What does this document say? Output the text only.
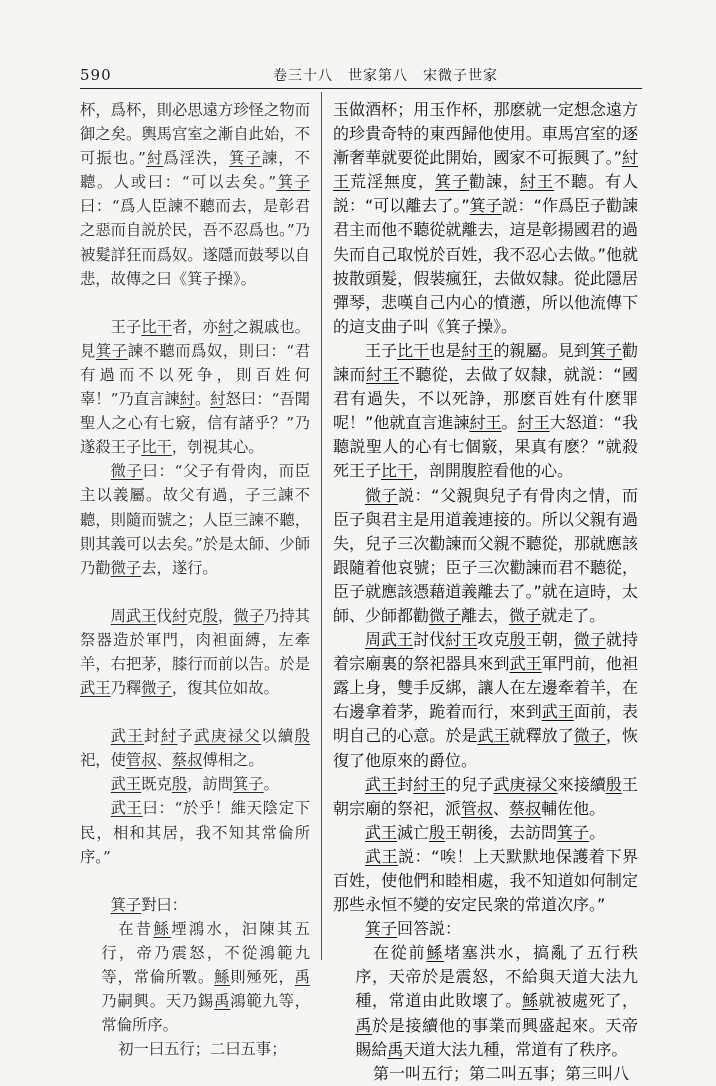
590	卷三十八　世家第八　宋微子世家

杯，爲杯，則必思遠方珍怪之物而御之矣。輿馬宫室之漸自此始，不可振也。”紂爲淫泆，箕子諫，不聽。人或曰：“可以去矣。”箕子曰：“爲人臣諫不聽而去，是彰君之惡而自説於民，吾不忍爲也。”乃被髮詳狂而爲奴。遂隱而鼓琴以自悲，故傳之曰《箕子操》。

王子比干者，亦紂之親戚也。見箕子諫不聽而爲奴，則曰：“君有過而不以死争，則百姓何辜！”乃直言諫紂。紂怒曰：“吾聞聖人之心有七竅，信有諸乎？”乃遂殺王子比干，刳視其心。

微子曰：“父子有骨肉，而臣主以義屬。故父有過，子三諫不聽，則隨而號之；人臣三諫不聽，則其義可以去矣。”於是太師、少師乃勸微子去，遂行。

周武王伐紂克殷，微子乃持其祭器造於軍門，肉袒面縛，左牽羊，右把茅，膝行而前以告。於是武王乃釋微子，復其位如故。

武王封紂子武庚禄父以續殷祀，使管叔、蔡叔傅相之。

武王既克殷，訪問箕子。

武王曰：“於乎！維天陰定下民，相和其居，我不知其常倫所序。”

箕子對曰：

在昔鯀堙鴻水，汩陳其五行，帝乃震怒，不從鴻範九等，常倫所斁。鯀則殛死，禹乃嗣興。天乃錫禹鴻範九等，常倫所序。

初一曰五行；二曰五事；

玉做酒杯；用玉作杯，那麽就一定想念遠方的珍貴奇特的東西歸他使用。車馬宫室的逐漸奢華就要從此開始，國家不可振興了。”紂王荒淫無度，箕子勸諫，紂王不聽。有人説：“可以離去了。”箕子説：“作爲臣子勸諫君主而他不聽從就離去，這是彰揚國君的過失而自己取悦於百姓，我不忍心去做。”他就披散頭髮，假裝瘋狂，去做奴隸。從此隱居彈琴，悲嘆自己内心的憤懣，所以他流傳下的這支曲子叫《箕子操》。

王子比干也是紂王的親屬。見到箕子勸諫而紂王不聽從，去做了奴隸，就説：“國君有過失，不以死諍，那麽百姓有什麽罪呢！”他就直言進諫紂王。紂王大怒道：“我聽説聖人的心有七個竅，果真有麽？”就殺死王子比干，剖開腹腔看他的心。

微子説：“父親與兒子有骨肉之情，而臣子與君主是用道義連接的。所以父親有過失，兒子三次勸諫而父親不聽從，那就應該跟隨着他哀號；臣子三次勸諫而君不聽從，臣子就應該憑藉道義離去了。”就在這時，太師、少師都勸微子離去，微子就走了。

周武王討伐紂王攻克殷王朝，微子就持着宗廟裏的祭祀器具來到武王軍門前，他袒露上身，雙手反綁，讓人在左邊牽着羊，在右邊拿着茅，跪着而行，來到武王面前，表明自己的心意。於是武王就釋放了微子，恢復了他原來的爵位。

武王封紂王的兒子武庚禄父來接續殷王朝宗廟的祭祀，派管叔、蔡叔輔佐他。

武王滅亡殷王朝後，去訪問箕子。

武王説：“唉！上天默默地保護着下界百姓，使他們和睦相處，我不知道如何制定那些永恒不變的安定民衆的常道次序。”

箕子回答説：

在從前鯀堵塞洪水，搞亂了五行秩序，天帝於是震怒，不給與天道大法九種，常道由此敗壞了。鯀就被處死了，禹於是接續他的事業而興盛起來。天帝賜給禹天道大法九種，常道有了秩序。

第一叫五行；第二叫五事；第三叫八
